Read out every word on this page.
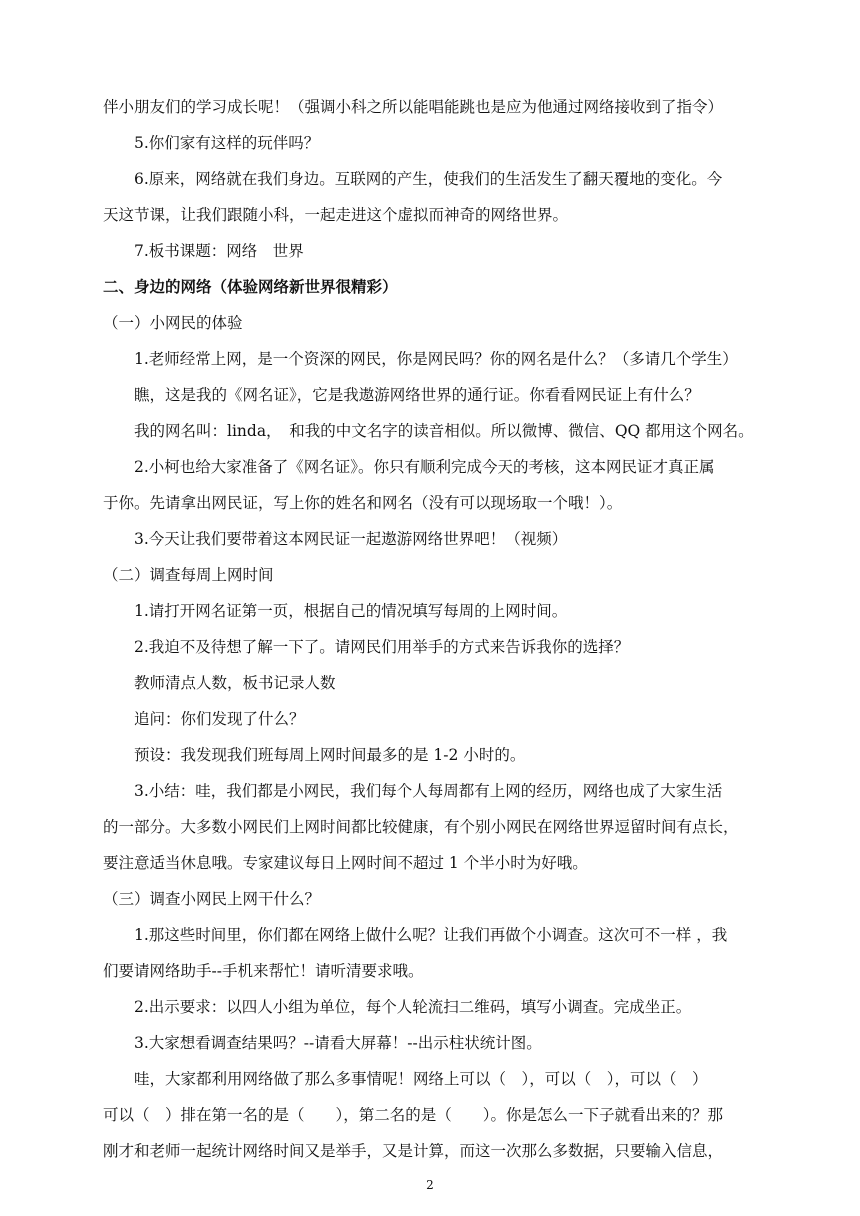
伴小朋友们的学习成长呢！（强调小科之所以能唱能跳也是应为他通过网络接收到了指令）
5.你们家有这样的玩伴吗？
6.原来，网络就在我们身边。互联网的产生，使我们的生活发生了翻天覆地的变化。今
天这节课，让我们跟随小科，一起走进这个虚拟而神奇的网络世界。
7.板书课题：网络　世界
二、身边的网络（体验网络新世界很精彩）
（一）小网民的体验
1.老师经常上网，是一个资深的网民，你是网民吗？你的网名是什么？（多请几个学生）
瞧，这是我的《网名证》，它是我遨游网络世界的通行证。你看看网民证上有什么？
我的网名叫：linda，　和我的中文名字的读音相似。所以微博、微信、QQ 都用这个网名。
2.小柯也给大家准备了《网名证》。你只有顺利完成今天的考核，这本网民证才真正属
于你。先请拿出网民证，写上你的姓名和网名（没有可以现场取一个哦！）。
3.今天让我们要带着这本网民证一起遨游网络世界吧！（视频）
（二）调查每周上网时间
1.请打开网名证第一页，根据自己的情况填写每周的上网时间。
2.我迫不及待想了解一下了。请网民们用举手的方式来告诉我你的选择？
教师清点人数，板书记录人数
追问：你们发现了什么？
预设：我发现我们班每周上网时间最多的是 1-2 小时的。
3.小结：哇，我们都是小网民，我们每个人每周都有上网的经历，网络也成了大家生活
的一部分。大多数小网民们上网时间都比较健康，有个别小网民在网络世界逗留时间有点长，
要注意适当休息哦。专家建议每日上网时间不超过 1 个半小时为好哦。
（三）调查小网民上网干什么？
1.那这些时间里，你们都在网络上做什么呢？让我们再做个小调查。这次可不一样 ，我
们要请网络助手--手机来帮忙！请听清要求哦。
2.出示要求：以四人小组为单位，每个人轮流扫二维码，填写小调查。完成坐正。
3.大家想看调查结果吗？--请看大屏幕！--出示柱状统计图。
哇，大家都利用网络做了那么多事情呢！网络上可以（　），可以（　），可以（　）
可以（　）排在第一名的是（　　），第二名的是（　　）。你是怎么一下子就看出来的？那
刚才和老师一起统计网络时间又是举手，又是计算，而这一次那么多数据，只要输入信息，
2
